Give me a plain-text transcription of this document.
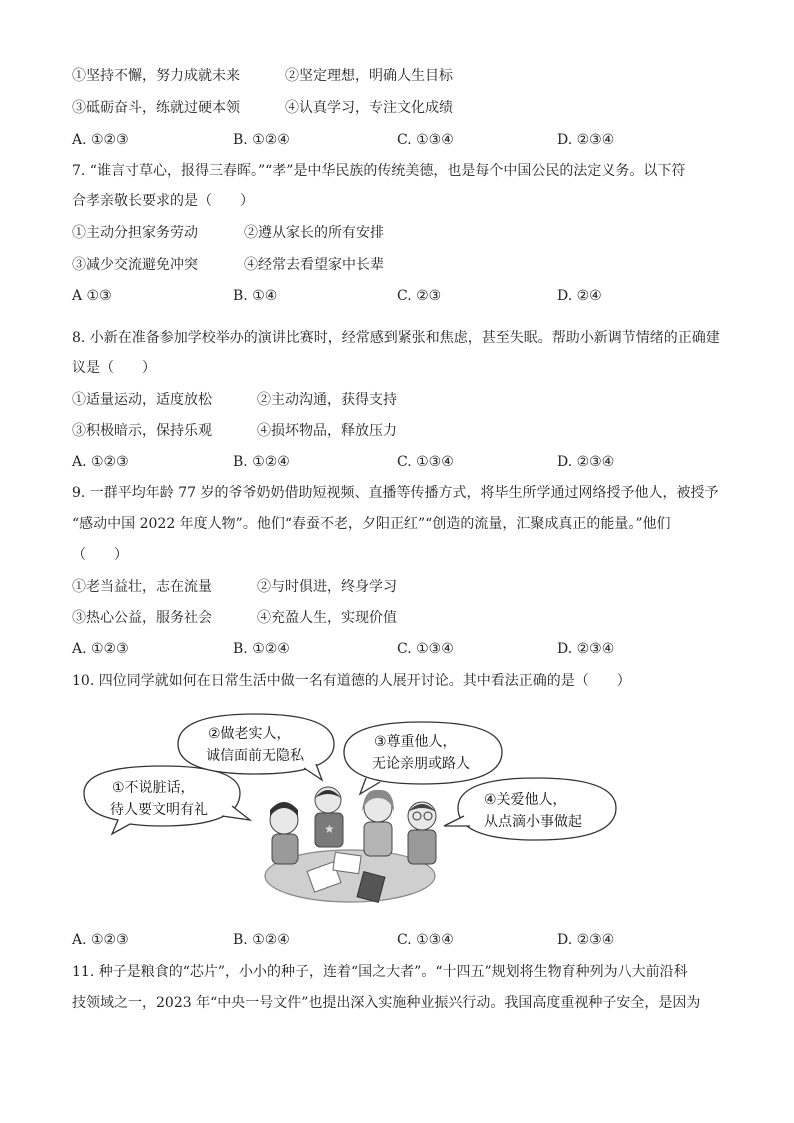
①坚持不懈，努力成就未来	②坚定理想，明确人生目标
③砥砺奋斗，练就过硬本领	④认真学习，专注文化成绩
A. ①②③	B. ①②④	C. ①③④	D. ②③④
7. “谁言寸草心，报得三春晖。”“孝”是中华民族的传统美德，也是每个中国公民的法定义务。以下符
合孝亲敬长要求的是（　　）
①主动分担家务劳动	②遵从家长的所有安排
③减少交流避免冲突	④经常去看望家中长辈
A ①③	B. ①④	C. ②③	D. ②④
8. 小新在准备参加学校举办的演讲比赛时，经常感到紧张和焦虑，甚至失眠。帮助小新调节情绪的正确建
议是（　　）
①适量运动，适度放松	②主动沟通，获得支持
③积极暗示，保持乐观	④损坏物品，释放压力
A. ①②③	B. ①②④	C. ①③④	D. ②③④
9. 一群平均年龄 77 岁的爷爷奶奶借助短视频、直播等传播方式，将毕生所学通过网络授予他人，被授予
“感动中国 2022 年度人物”。他们“春蚕不老，夕阳正红”“创造的流量，汇聚成真正的能量。”他们
（　　）
①老当益壮，志在流量	②与时俱进，终身学习
③热心公益，服务社会	④充盈人生，实现价值
A. ①②③	B. ①②④	C. ①③④	D. ②③④
10. 四位同学就如何在日常生活中做一名有道德的人展开讨论。其中看法正确的是（　　）
★
①不说脏话，
待人要文明有礼
②做老实人，
诚信面前无隐私
③尊重他人，
无论亲朋或路人
④关爱他人，
从点滴小事做起
A. ①②③	B. ①②④	C. ①③④	D. ②③④
11. 种子是粮食的“芯片”，小小的种子，连着“国之大者”。“十四五”规划将生物育种列为八大前沿科
技领域之一，2023 年“中央一号文件”也提出深入实施种业振兴行动。我国高度重视种子安全，是因为
